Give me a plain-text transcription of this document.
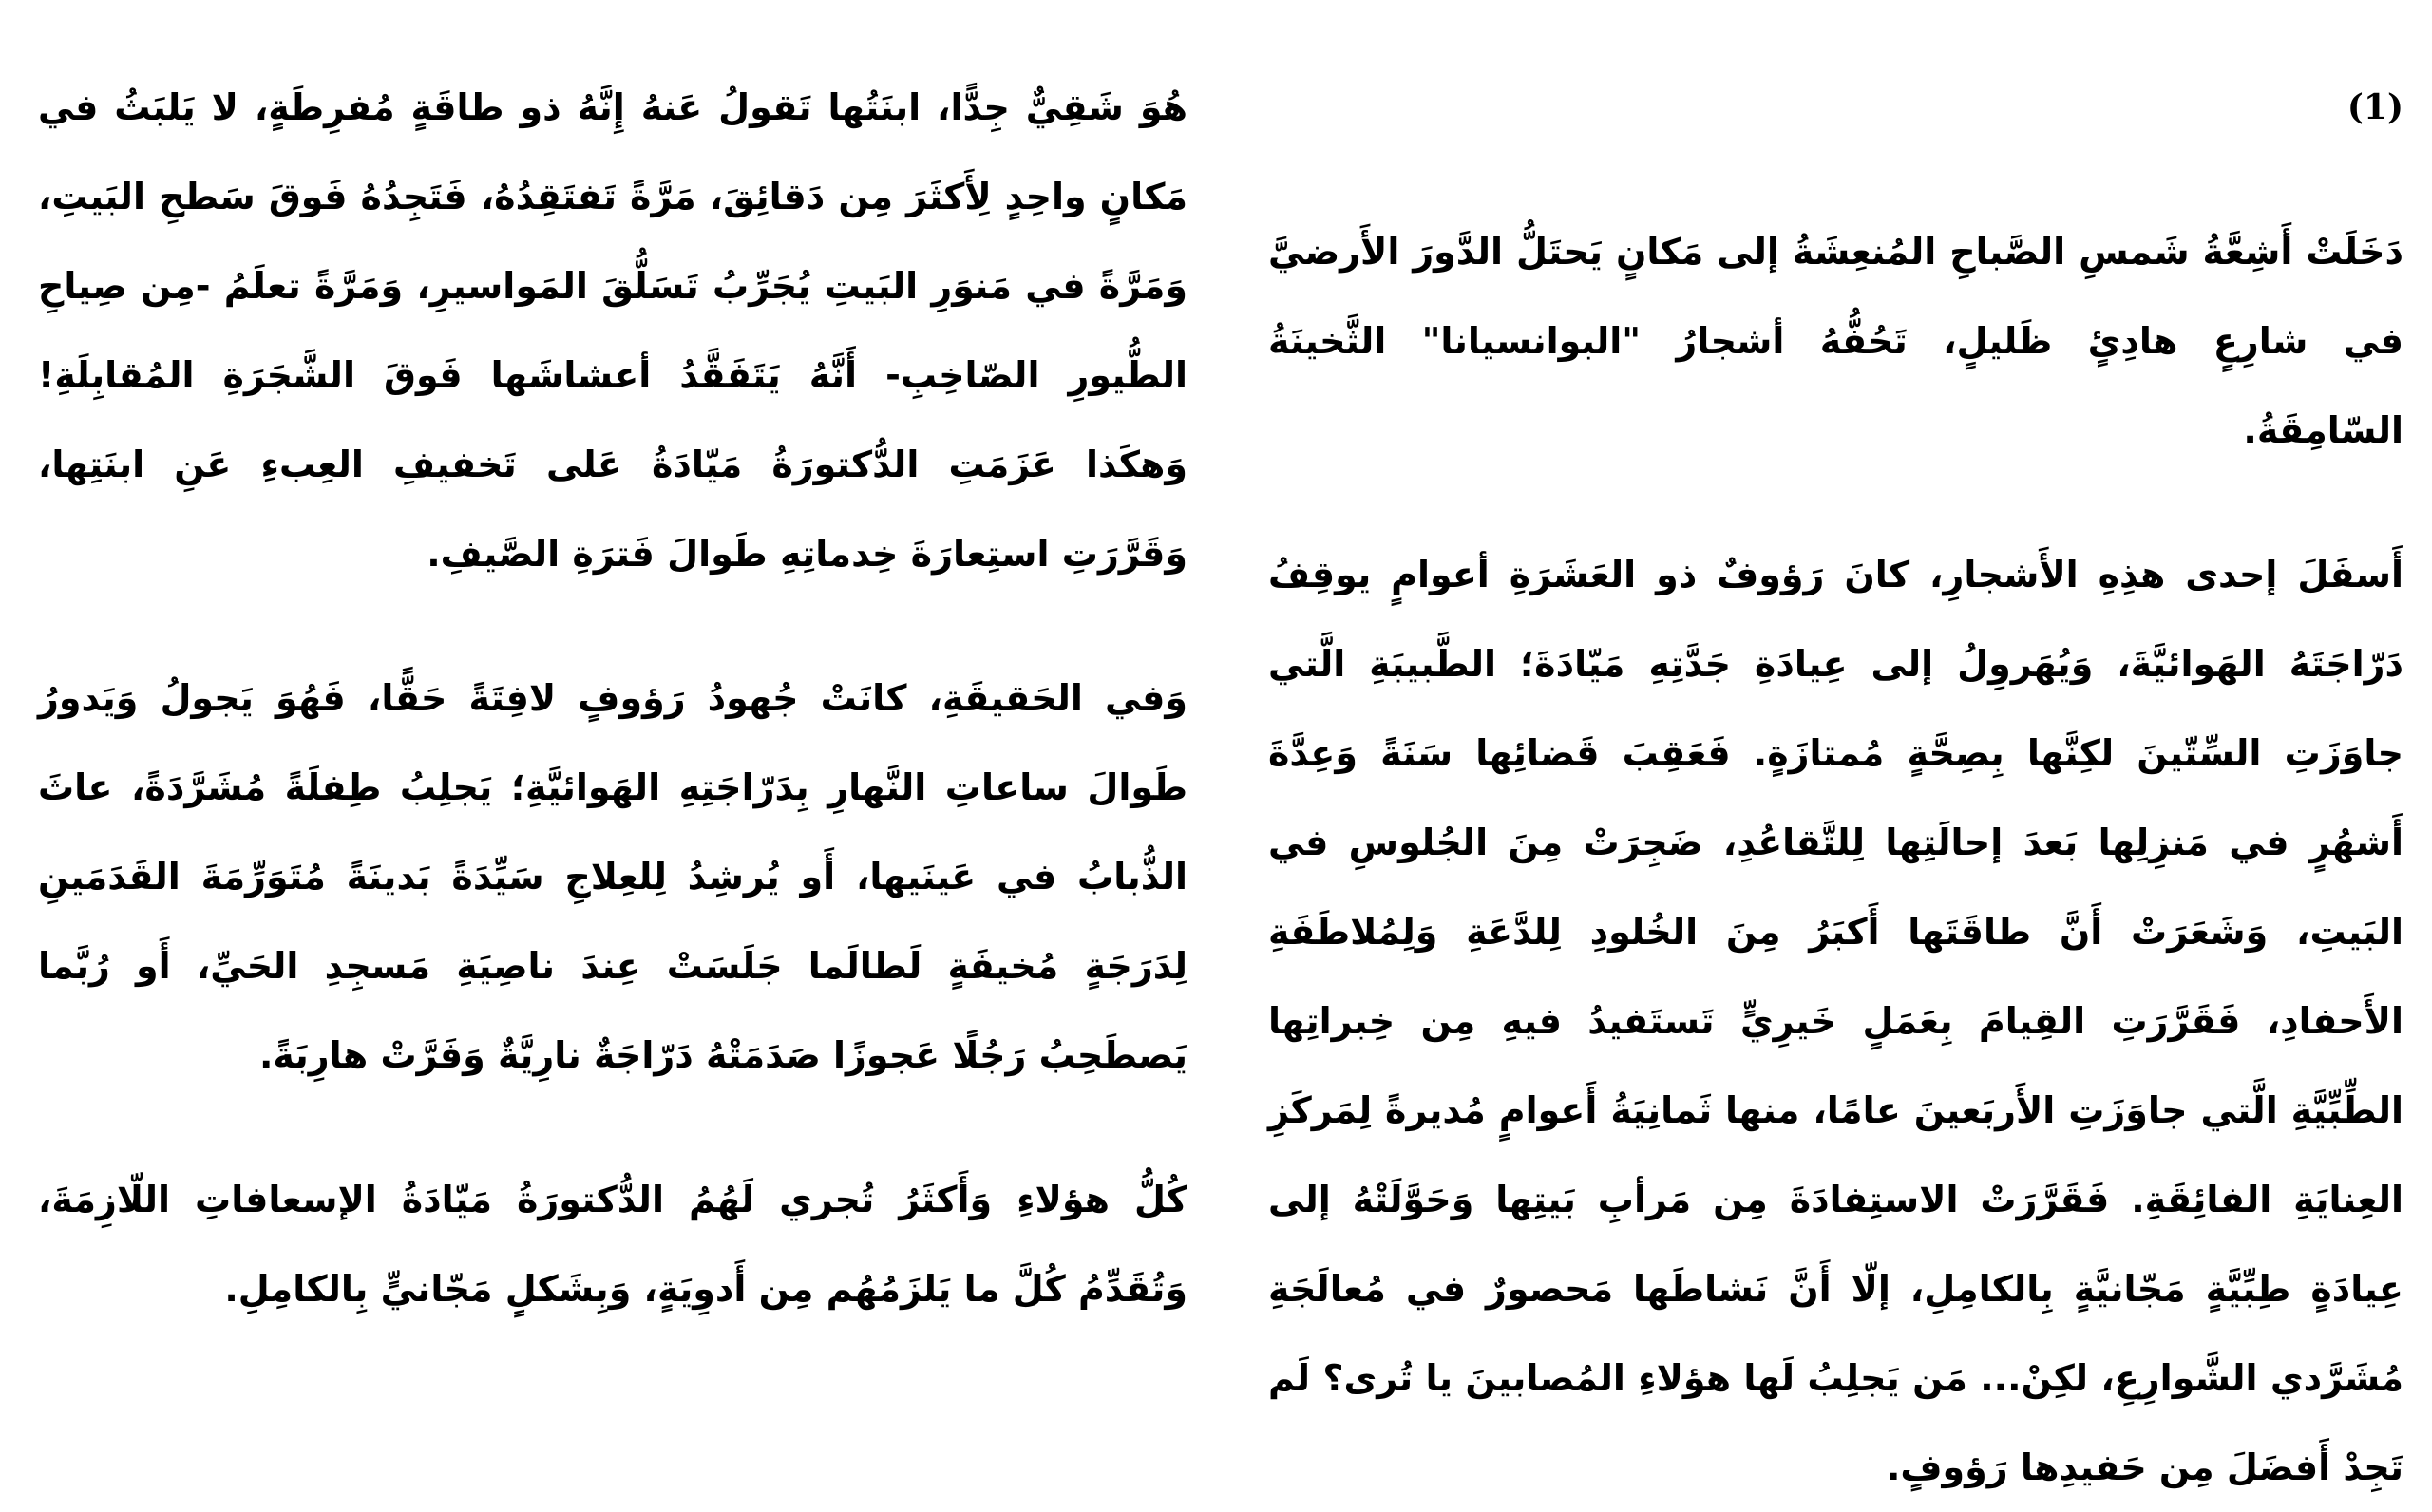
هُوَ شَقِيٌّ جِدًّا، ابنَتُها تَقولُ عَنهُ إِنَّهُ ذو طاقَةٍ مُفرِطَةٍ، لا يَلبَثُ في مَكانٍ واحِدٍ لِأَكثَرَ مِن دَقائِقَ، مَرَّةً تَفتَقِدُهُ، فَتَجِدُهُ فَوقَ سَطحِ البَيتِ، وَمَرَّةً في مَنوَرِ البَيتِ يُجَرِّبُ تَسَلُّقَ المَواسيرِ، وَمَرَّةً تعلَمُ -مِن صِياحِ الطُّيورِ الصّاخِبِ- أَنَّهُ يَتَفَقَّدُ أعشاشَها فَوقَ الشَّجَرَةِ المُقابِلَةِ! وَهكَذا عَزَمَتِ الدُّكتورَةُ مَيّادَةُ عَلى تَخفيفِ العِبءِ عَنِ ابنَتِها، وَقَرَّرَتِ استِعارَةَ خِدماتِهِ طَوالَ فَترَةِ الصَّيفِ.

وَفي الحَقيقَةِ، كانَتْ جُهودُ رَؤوفٍ لافِتَةً حَقًّا، فَهُوَ يَجولُ وَيَدورُ طَوالَ ساعاتِ النَّهارِ بِدَرّاجَتِهِ الهَوائيَّةِ؛ يَجلِبُ طِفلَةً مُشَرَّدَةً، عاثَ الذُّبابُ في عَينَيها، أَو يُرشِدُ لِلعِلاجِ سَيِّدَةً بَدينَةً مُتَوَرِّمَةَ القَدَمَينِ لِدَرَجَةٍ مُخيفَةٍ لَطالَما جَلَسَتْ عِندَ ناصِيَةِ مَسجِدِ الحَيِّ، أَو رُبَّما يَصطَحِبُ رَجُلًا عَجوزًا صَدَمَتْهُ دَرّاجَةٌ نارِيَّةٌ وَفَرَّتْ هارِبَةً.

كُلُّ هؤلاءِ وَأَكثَرُ تُجري لَهُمُ الدُّكتورَةُ مَيّادَةُ الإسعافاتِ اللّازِمَةَ، وَتُقَدِّمُ كُلَّ ما يَلزَمُهُم مِن أَدوِيَةٍ، وَبِشَكلٍ مَجّانيٍّ بِالكامِلِ.

(1)

دَخَلَتْ أَشِعَّةُ شَمسِ الصَّباحِ المُنعِشَةُ إلى مَكانٍ يَحتَلُّ الدَّورَ الأَرضيَّ في شارِعٍ هادِئٍ ظَليلٍ، تَحُفُّهُ أشجارُ "البوانسيانا" الثَّخينَةُ السّامِقَةُ.

أَسفَلَ إحدى هذِهِ الأَشجارِ، كانَ رَؤوفٌ ذو العَشَرَةِ أعوامٍ يوقِفُ دَرّاجَتَهُ الهَوائيَّةَ، وَيُهَروِلُ إلى عِيادَةِ جَدَّتِهِ مَيّادَةَ؛ الطَّبيبَةِ الَّتي جاوَزَتِ السِّتّينَ لكِنَّها بِصِحَّةٍ مُمتازَةٍ. فَعَقِبَ قَضائِها سَنَةً وَعِدَّةَ أَشهُرٍ في مَنزِلِها بَعدَ إحالَتِها لِلتَّقاعُدِ، ضَجِرَتْ مِنَ الجُلوسِ في البَيتِ، وَشَعَرَتْ أَنَّ طاقَتَها أَكبَرُ مِنَ الخُلودِ لِلدَّعَةِ وَلِمُلاطَفَةِ الأَحفادِ، فَقَرَّرَتِ القِيامَ بِعَمَلٍ خَيرِيٍّ تَستَفيدُ فيهِ مِن خِبراتِها الطِّبِّيَّةِ الَّتي جاوَزَتِ الأَربَعينَ عامًا، منها ثَمانِيَةُ أَعوامٍ مُديرةً لِمَركَزِ العِنايَةِ الفائِقَةِ. فَقَرَّرَتْ الاستِفادَةَ مِن مَرأبِ بَيتِها وَحَوَّلَتْهُ إلى عِيادَةٍ طِبِّيَّةٍ مَجّانيَّةٍ بِالكامِلِ، إلّا أَنَّ نَشاطَها مَحصورٌ في مُعالَجَةِ مُشَرَّدي الشَّوارِعِ، لكِنْ... مَن يَجلِبُ لَها هؤلاءِ المُصابينَ يا تُرى؟ لَم تَجِدْ أَفضَلَ مِن حَفيدِها رَؤوفٍ.
